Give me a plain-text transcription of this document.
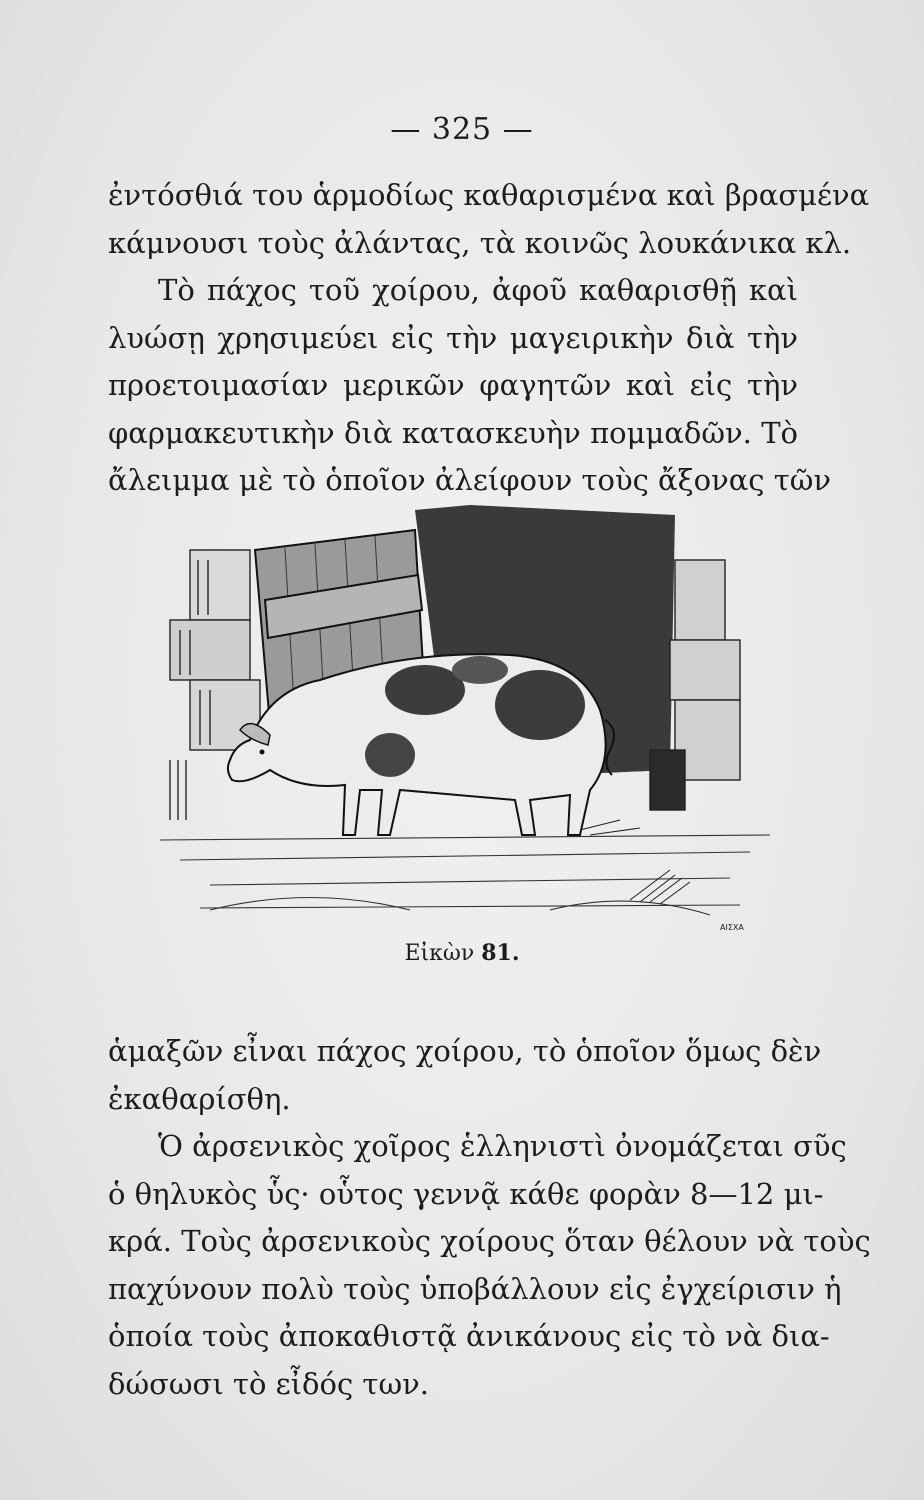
— 325 —
ἐντόσθιά του ἁρμοδίως καθαρισμένα καὶ βρασμένα
κάμνουσι τοὺς ἀλάντας, τὰ κοινῶς λουκάνικα κλ.
Τὸ πάχος τοῦ χοίρου, ἀφοῦ καθαρισθῇ καὶ
λυώσῃ χρησιμεύει εἰς τὴν μαγειρικὴν διὰ τὴν
προετοιμασίαν μερικῶν φαγητῶν καὶ εἰς τὴν
φαρμακευτικὴν διὰ κατασκευὴν πομμαδῶν. Τὸ
ἄλειμμα μὲ τὸ ὁποῖον ἀλείφουν τοὺς ἄξονας τῶν
ΑΙΣΧΑ
Εἰκὼν 81.
ἁμαξῶν εἶναι πάχος χοίρου, τὸ ὁποῖον ὅμως δὲν
ἐκαθαρίσθη.
Ὁ ἀρσενικὸς χοῖρος ἑλληνιστὶ ὀνομάζεται σῦς
ὁ θηλυκὸς ὗς· οὗτος γεννᾷ κάθε φορὰν 8—12 μι-
κρά. Τοὺς ἀρσενικοὺς χοίρους ὅταν θέλουν νὰ τοὺς
παχύνουν πολὺ τοὺς ὑποβάλλουν εἰς ἐγχείρισιν ἡ
ὁποία τοὺς ἀποκαθιστᾷ ἀνικάνους εἰς τὸ νὰ δια-
δώσωσι τὸ εἶδός των.
